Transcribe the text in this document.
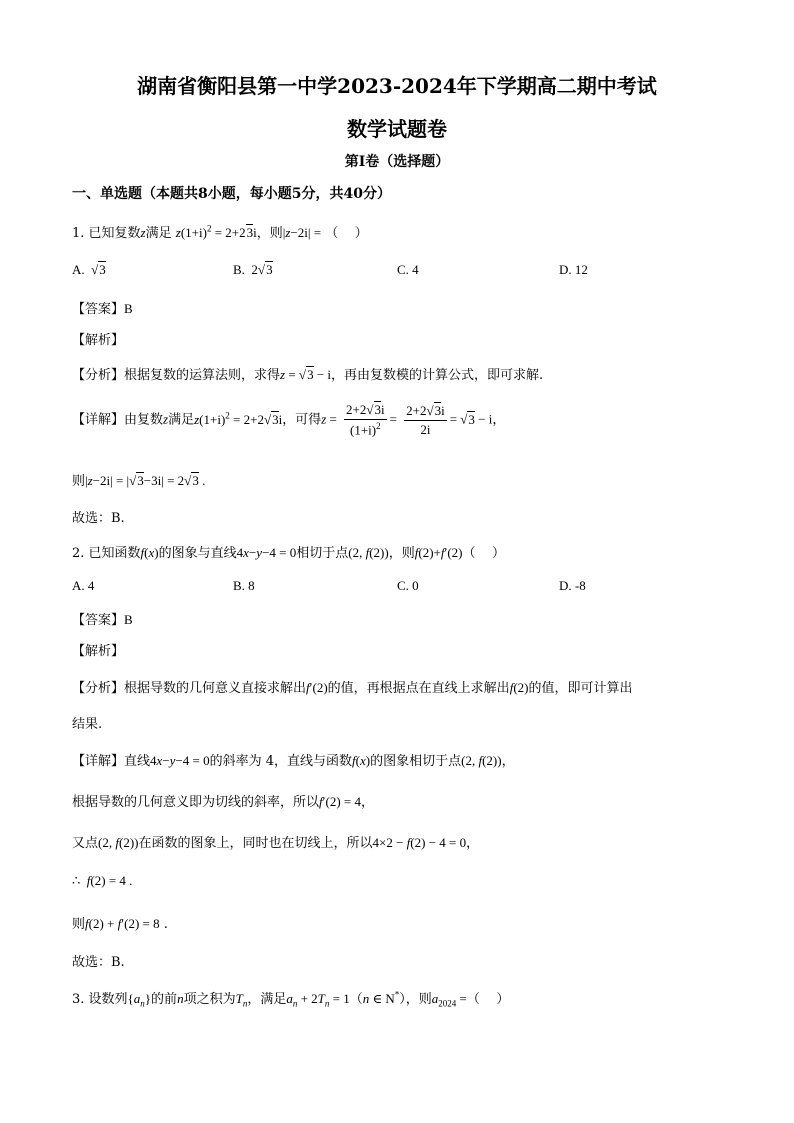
湖南省衡阳县第一中学2023-2024年下学期高二期中考试
数学试题卷
第Ⅰ卷（选择题）
一、单选题（本题共8小题，每小题5分，共40分）
1. 已知复数z满足 $z(1+i)^2 = 2+23i$，则|z−2i| = （    ）
A.  √3	B.  2√3	C. 4	D. 12
【答案】B
【解析】
【分析】根据复数的运算法则，求得z = √3 − i，再由复数模的计算公式，即可求解.
【详解】由复数z满足$z(1+i)^2 = 2+2√3i$，可得$z = \frac{2+2√3i}{(1+i)^2} = \frac{2+2√3i}{2i} = √3 - i$，
则|z−2i| = |√3−3i| = 2√3 .
故选：B.
2. 已知函数f(x)的图象与直线4x−y−4 = 0相切于点(2, f(2))，则f(2)+f′(2)（    ）
A. 4	B. 8	C. 0	D. -8
【答案】B
【解析】
【分析】根据导数的几何意义直接求解出f′(2)的值，再根据点在直线上求解出f(2)的值，即可计算出
结果.
【详解】直线4x−y−4 = 0的斜率为 4，直线与函数f(x)的图象相切于点(2, f(2))，
根据导数的几何意义即为切线的斜率，所以f′(2) = 4，
又点(2, f(2))在函数的图象上，同时也在切线上，所以4×2 − f(2) − 4 = 0，
∴  f(2) = 4 .
则f(2) + f′(2) = 8 .
故选：B.
3. 设数列$\{a_n\}$的前n项之积为$T_n$，满足$a_n + 2T_n = 1(n$ ∈ N*），则$a_{2024}$ =（    ）
